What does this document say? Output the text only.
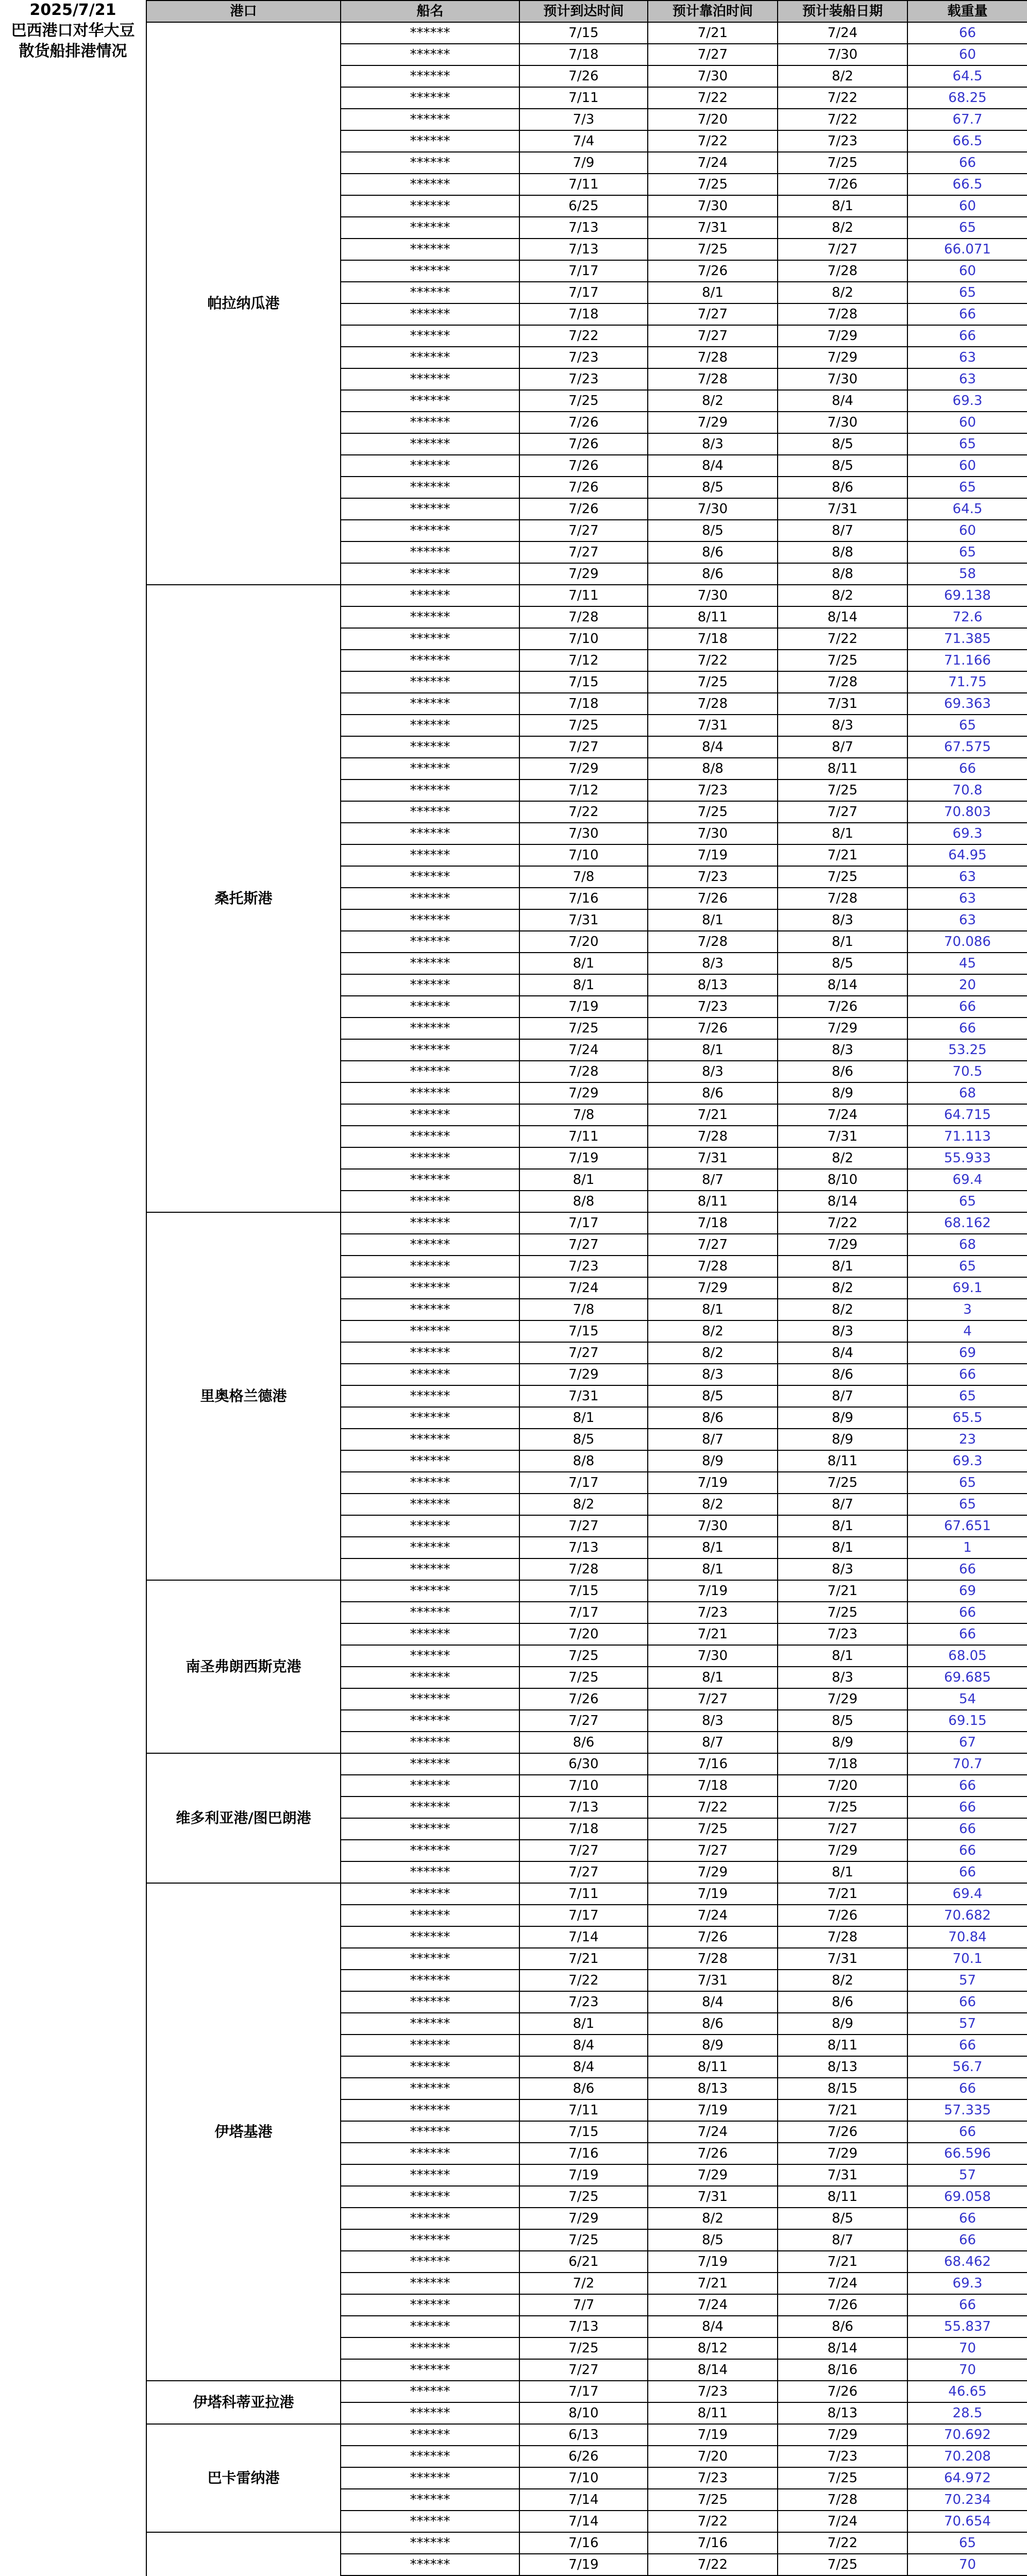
2025/7/21
巴西港口对华大豆
散货船排港情况
港口	船名	预计到达时间	预计靠泊时间	预计装船日期	载重量
帕拉纳瓜港	******	7/15	7/21	7/24	66
	******	7/18	7/27	7/30	60
	******	7/26	7/30	8/2	64.5
	******	7/11	7/22	7/22	68.25
	******	7/3	7/20	7/22	67.7
	******	7/4	7/22	7/23	66.5
	******	7/9	7/24	7/25	66
	******	7/11	7/25	7/26	66.5
	******	6/25	7/30	8/1	60
	******	7/13	7/31	8/2	65
	******	7/13	7/25	7/27	66.071
	******	7/17	7/26	7/28	60
	******	7/17	8/1	8/2	65
	******	7/18	7/27	7/28	66
	******	7/22	7/27	7/29	66
	******	7/23	7/28	7/29	63
	******	7/23	7/28	7/30	63
	******	7/25	8/2	8/4	69.3
	******	7/26	7/29	7/30	60
	******	7/26	8/3	8/5	65
	******	7/26	8/4	8/5	60
	******	7/26	8/5	8/6	65
	******	7/26	7/30	7/31	64.5
	******	7/27	8/5	8/7	60
	******	7/27	8/6	8/8	65
	******	7/29	8/6	8/8	58
桑托斯港	******	7/11	7/30	8/2	69.138
	******	7/28	8/11	8/14	72.6
	******	7/10	7/18	7/22	71.385
	******	7/12	7/22	7/25	71.166
	******	7/15	7/25	7/28	71.75
	******	7/18	7/28	7/31	69.363
	******	7/25	7/31	8/3	65
	******	7/27	8/4	8/7	67.575
	******	7/29	8/8	8/11	66
	******	7/12	7/23	7/25	70.8
	******	7/22	7/25	7/27	70.803
	******	7/30	7/30	8/1	69.3
	******	7/10	7/19	7/21	64.95
	******	7/8	7/23	7/25	63
	******	7/16	7/26	7/28	63
	******	7/31	8/1	8/3	63
	******	7/20	7/28	8/1	70.086
	******	8/1	8/3	8/5	45
	******	8/1	8/13	8/14	20
	******	7/19	7/23	7/26	66
	******	7/25	7/26	7/29	66
	******	7/24	8/1	8/3	53.25
	******	7/28	8/3	8/6	70.5
	******	7/29	8/6	8/9	68
	******	7/8	7/21	7/24	64.715
	******	7/11	7/28	7/31	71.113
	******	7/19	7/31	8/2	55.933
	******	8/1	8/7	8/10	69.4
	******	8/8	8/11	8/14	65
里奥格兰德港	******	7/17	7/18	7/22	68.162
	******	7/27	7/27	7/29	68
	******	7/23	7/28	8/1	65
	******	7/24	7/29	8/2	69.1
	******	7/8	8/1	8/2	3
	******	7/15	8/2	8/3	4
	******	7/27	8/2	8/4	69
	******	7/29	8/3	8/6	66
	******	7/31	8/5	8/7	65
	******	8/1	8/6	8/9	65.5
	******	8/5	8/7	8/9	23
	******	8/8	8/9	8/11	69.3
	******	7/17	7/19	7/25	65
	******	8/2	8/2	8/7	65
	******	7/27	7/30	8/1	67.651
	******	7/13	8/1	8/1	1
	******	7/28	8/1	8/3	66
南圣弗朗西斯克港	******	7/15	7/19	7/21	69
	******	7/17	7/23	7/25	66
	******	7/20	7/21	7/23	66
	******	7/25	7/30	8/1	68.05
	******	7/25	8/1	8/3	69.685
	******	7/26	7/27	7/29	54
	******	7/27	8/3	8/5	69.15
	******	8/6	8/7	8/9	67
维多利亚港/图巴朗港	******	6/30	7/16	7/18	70.7
	******	7/10	7/18	7/20	66
	******	7/13	7/22	7/25	66
	******	7/18	7/25	7/27	66
	******	7/27	7/27	7/29	66
	******	7/27	7/29	8/1	66
伊塔基港	******	7/11	7/19	7/21	69.4
	******	7/17	7/24	7/26	70.682
	******	7/14	7/26	7/28	70.84
	******	7/21	7/28	7/31	70.1
	******	7/22	7/31	8/2	57
	******	7/23	8/4	8/6	66
	******	8/1	8/6	8/9	57
	******	8/4	8/9	8/11	66
	******	8/4	8/11	8/13	56.7
	******	8/6	8/13	8/15	66
	******	7/11	7/19	7/21	57.335
	******	7/15	7/24	7/26	66
	******	7/16	7/26	7/29	66.596
	******	7/19	7/29	7/31	57
	******	7/25	7/31	8/11	69.058
	******	7/29	8/2	8/5	66
	******	7/25	8/5	8/7	66
	******	6/21	7/19	7/21	68.462
	******	7/2	7/21	7/24	69.3
	******	7/7	7/24	7/26	66
	******	7/13	8/4	8/6	55.837
	******	7/25	8/12	8/14	70
	******	7/27	8/14	8/16	70
伊塔科蒂亚拉港	******	7/17	7/23	7/26	46.65
	******	8/10	8/11	8/13	28.5
巴卡雷纳港	******	6/13	7/19	7/29	70.692
	******	6/26	7/20	7/23	70.208
	******	7/10	7/23	7/25	64.972
	******	7/14	7/25	7/28	70.234
	******	7/14	7/22	7/24	70.654
	******	7/16	7/16	7/22	65
	******	7/19	7/22	7/25	70
